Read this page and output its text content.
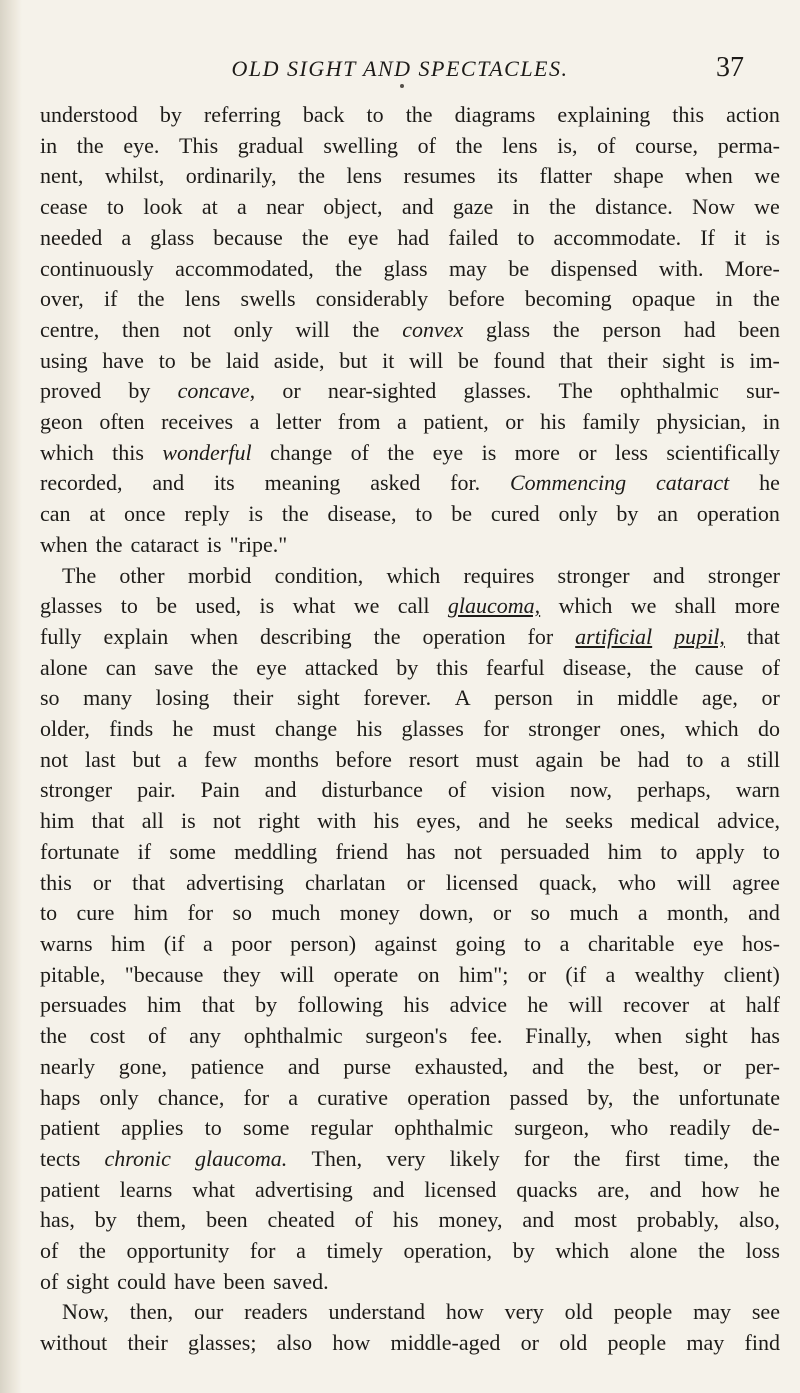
OLD SIGHT AND SPECTACLES.	37
understood by referring back to the diagrams explaining this action
in the eye. This gradual swelling of the lens is, of course, perma-
nent, whilst, ordinarily, the lens resumes its flatter shape when we
cease to look at a near object, and gaze in the distance. Now we
needed a glass because the eye had failed to accommodate. If it is
continuously accommodated, the glass may be dispensed with. More-
over, if the lens swells considerably before becoming opaque in the
centre, then not only will the convex glass the person had been
using have to be laid aside, but it will be found that their sight is im-
proved by concave, or near-sighted glasses. The ophthalmic sur-
geon often receives a letter from a patient, or his family physician, in
which this wonderful change of the eye is more or less scientifically
recorded, and its meaning asked for. Commencing cataract he
can at once reply is the disease, to be cured only by an operation
when the cataract is "ripe."
The other morbid condition, which requires stronger and stronger
glasses to be used, is what we call glaucoma, which we shall more
fully explain when describing the operation for artificial pupil, that
alone can save the eye attacked by this fearful disease, the cause of
so many losing their sight forever. A person in middle age, or
older, finds he must change his glasses for stronger ones, which do
not last but a few months before resort must again be had to a still
stronger pair. Pain and disturbance of vision now, perhaps, warn
him that all is not right with his eyes, and he seeks medical advice,
fortunate if some meddling friend has not persuaded him to apply to
this or that advertising charlatan or licensed quack, who will agree
to cure him for so much money down, or so much a month, and
warns him (if a poor person) against going to a charitable eye hos-
pitable, "because they will operate on him"; or (if a wealthy client)
persuades him that by following his advice he will recover at half
the cost of any ophthalmic surgeon's fee. Finally, when sight has
nearly gone, patience and purse exhausted, and the best, or per-
haps only chance, for a curative operation passed by, the unfortunate
patient applies to some regular ophthalmic surgeon, who readily de-
tects chronic glaucoma. Then, very likely for the first time, the
patient learns what advertising and licensed quacks are, and how he
has, by them, been cheated of his money, and most probably, also,
of the opportunity for a timely operation, by which alone the loss
of sight could have been saved.
Now, then, our readers understand how very old people may see
without their glasses; also how middle-aged or old people may find
